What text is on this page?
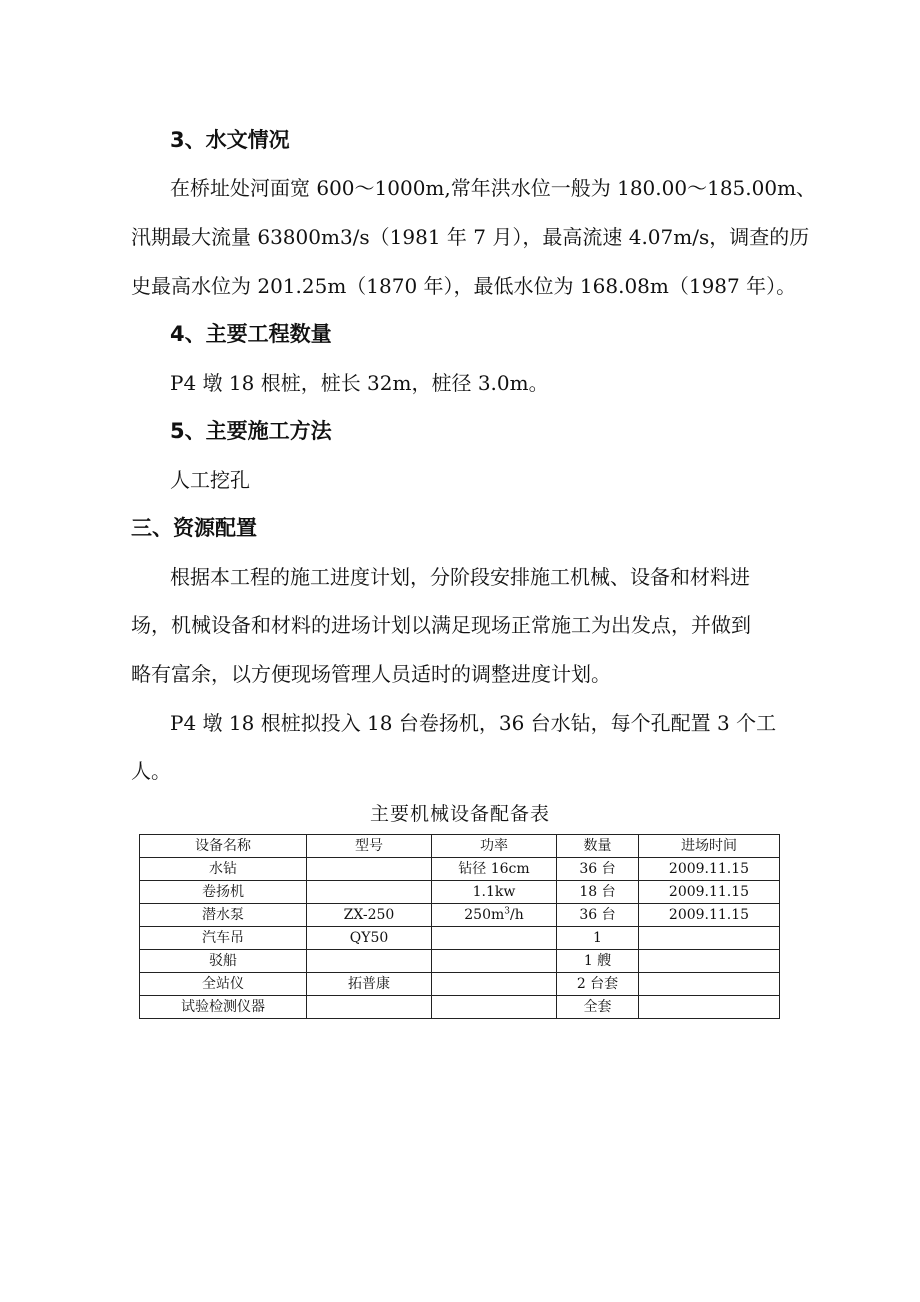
3、水文情况
在桥址处河面宽 600～1000m,常年洪水位一般为 180.00～185.00m、
汛期最大流量 63800m3/s（1981 年 7 月），最高流速 4.07m/s，调查的历
史最高水位为 201.25m（1870 年），最低水位为 168.08m（1987 年）。
4、主要工程数量
P4 墩 18 根桩，桩长 32m，桩径 3.0m。
5、主要施工方法
人工挖孔
三、资源配置
根据本工程的施工进度计划，分阶段安排施工机械、设备和材料进
场，机械设备和材料的进场计划以满足现场正常施工为出发点，并做到
略有富余，以方便现场管理人员适时的调整进度计划。
P4 墩 18 根桩拟投入 18 台卷扬机，36 台水钻，每个孔配置 3 个工
人。
主要机械设备配备表
设备名称	型号	功率	数量	进场时间
水钻		钻径 16cm	36 台	2009.11.15
卷扬机		1.1kw	18 台	2009.11.15
潜水泵	ZX-250	$250m^3/h$	36 台	2009.11.15
汽车吊	QY50		1	
驳船			1 艘	
全站仪	拓普康		2 台套	
试验检测仪器			全套	
